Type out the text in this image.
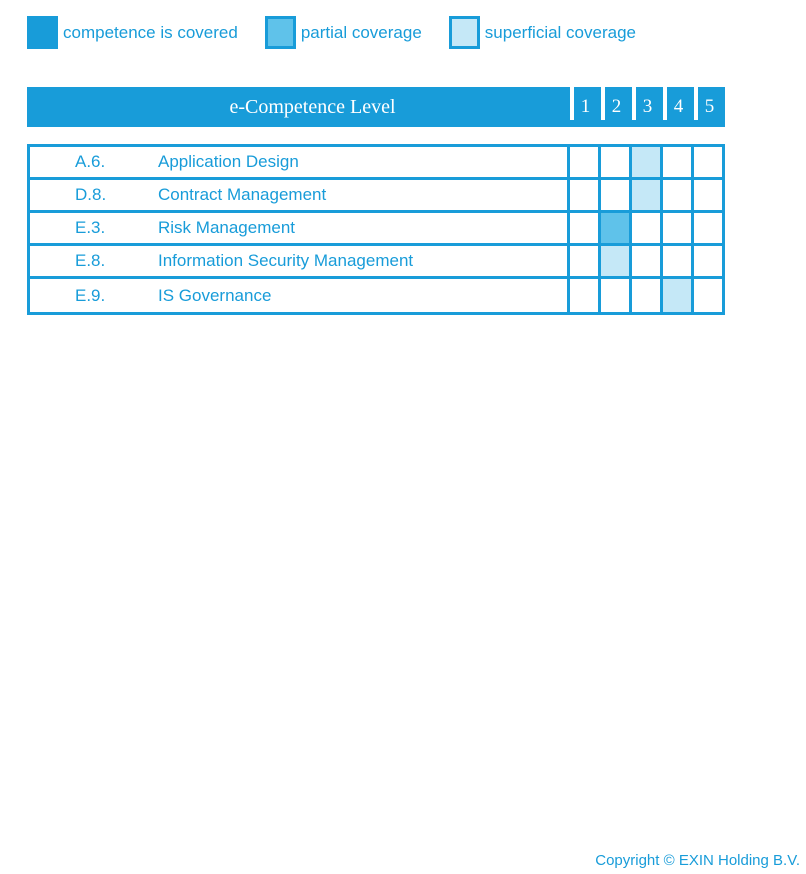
competence is covered	partial coverage	superficial coverage
e-Competence Level	1 2 3 4 5
A.6.	Application Design
D.8.	Contract Management
E.3.	Risk Management
E.8.	Information Security Management
E.9.	IS Governance
Copyright © EXIN Holding B.V.
